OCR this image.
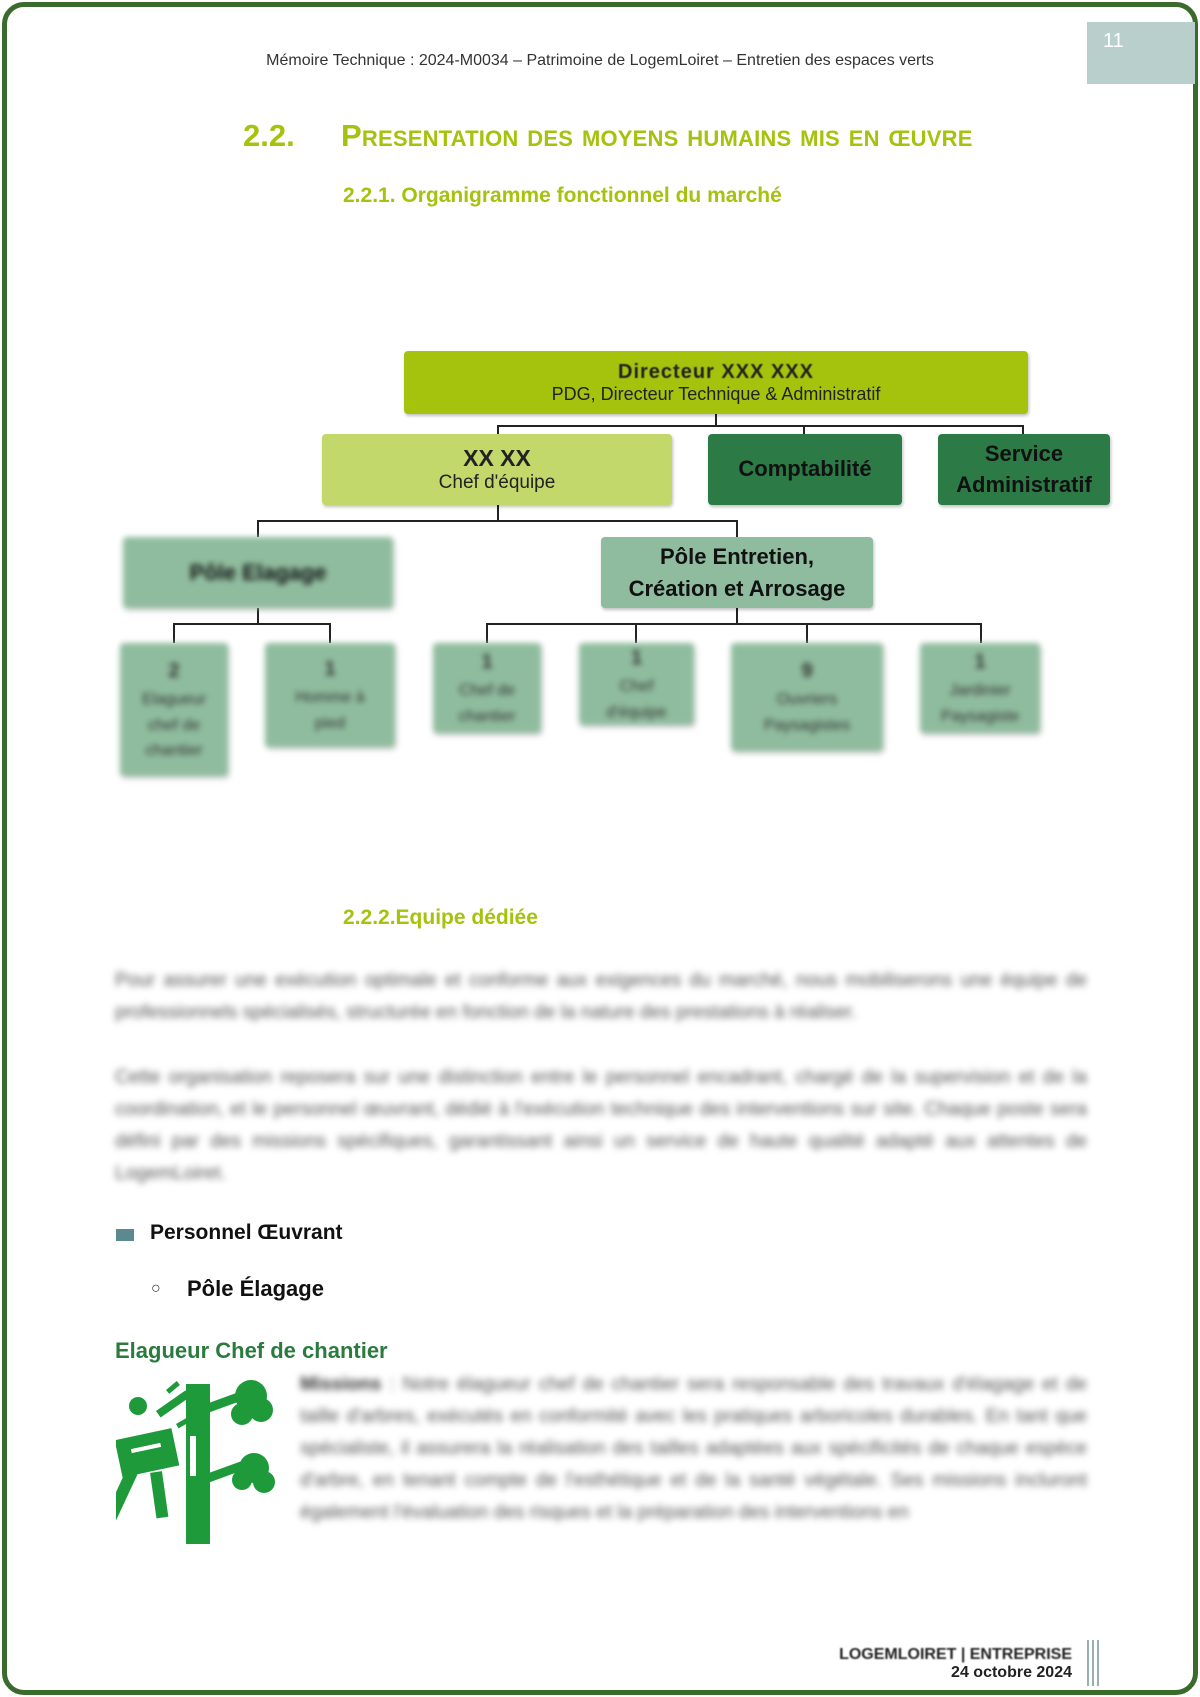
11
Mémoire Technique : 2024-M0034 – Patrimoine de LogemLoiret – Entretien des espaces verts
2.2. Presentation des moyens humains mis en œuvre
2.2.1. Organigramme fonctionnel du marché
Directeur XXX XXX
PDG, Directeur Technique & Administratif
XX XX
Chef d'équipe
Comptabilité
Service
Administratif
Pôle Elagage
Pôle Entretien,
Création et Arrosage
2
Elagueur
chef de
chantier
1
Homme à
pied
1
Chef de
chantier
1
Chef
d'équipe
9
Ouvriers
Paysagistes
1
Jardinier
Paysagiste
2.2.2.Equipe dédiée
Pour assurer une exécution optimale et conforme aux exigences du marché, nous mobiliserons une équipe de professionnels spécialisés, structurée en fonction de la nature des prestations à réaliser.
Cette organisation reposera sur une distinction entre le personnel encadrant, chargé de la supervision et de la coordination, et le personnel œuvrant, dédié à l'exécution technique des interventions sur site. Chaque poste sera défini par des missions spécifiques, garantissant ainsi un service de haute qualité adapté aux attentes de LogemLoiret.
Personnel Œuvrant
○ Pôle Élagage
Elagueur Chef de chantier
Missions : Notre élagueur chef de chantier sera responsable des travaux d'élagage et de taille d'arbres, exécutés en conformité avec les pratiques arboricoles durables. En tant que spécialiste, il assurera la réalisation des tailles adaptées aux spécificités de chaque espèce d'arbre, en tenant compte de l'esthétique et de la santé végétale. Ses missions incluront également l'évaluation des risques et la préparation des interventions en
LOGEMLOIRET | ENTREPRISE
24 octobre 2024
